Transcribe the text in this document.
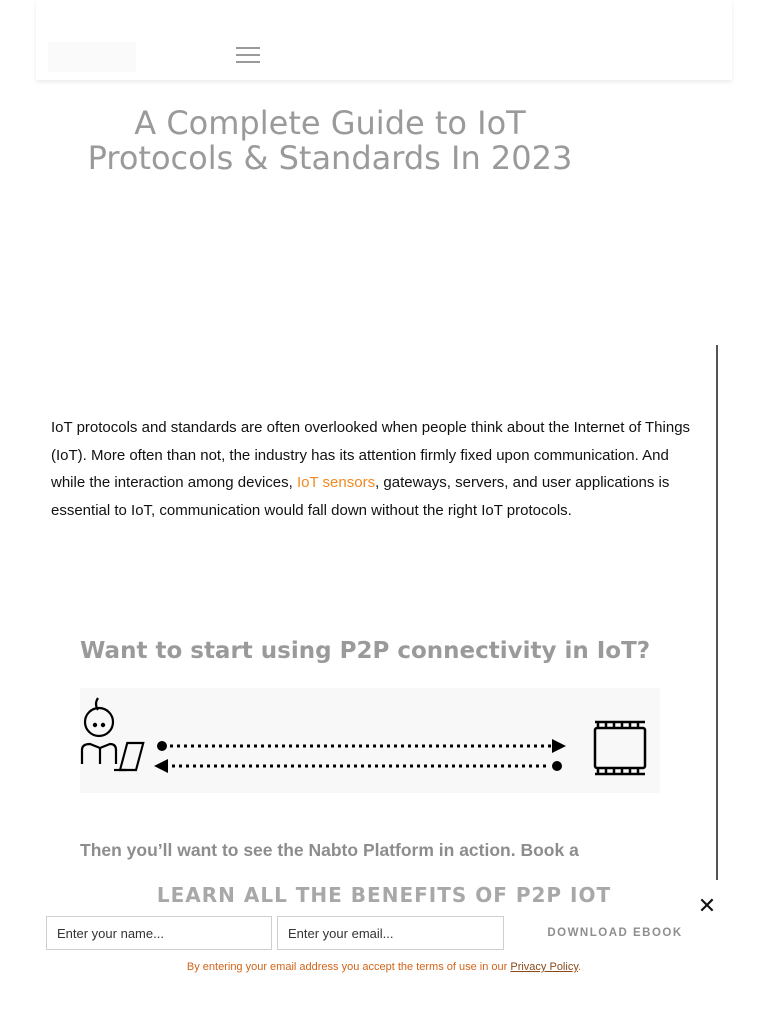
A Complete Guide to IoT Protocols & Standards In 2023

IoT protocols and standards are often overlooked when people think about the Internet of Things (IoT). More often than not, the industry has its attention firmly fixed upon communication. And while the interaction among devices, IoT sensors, gateways, servers, and user applications is essential to IoT, communication would fall down without the right IoT protocols.

Want to start using P2P connectivity in IoT?

Then you’ll want to see the Nabto Platform in action. Book a

LEARN ALL THE BENEFITS OF P2P IOT	✕
Enter your name...
Enter your email...
DOWNLOAD EBOOK
By entering your email address you accept the terms of use in our Privacy Policy.
